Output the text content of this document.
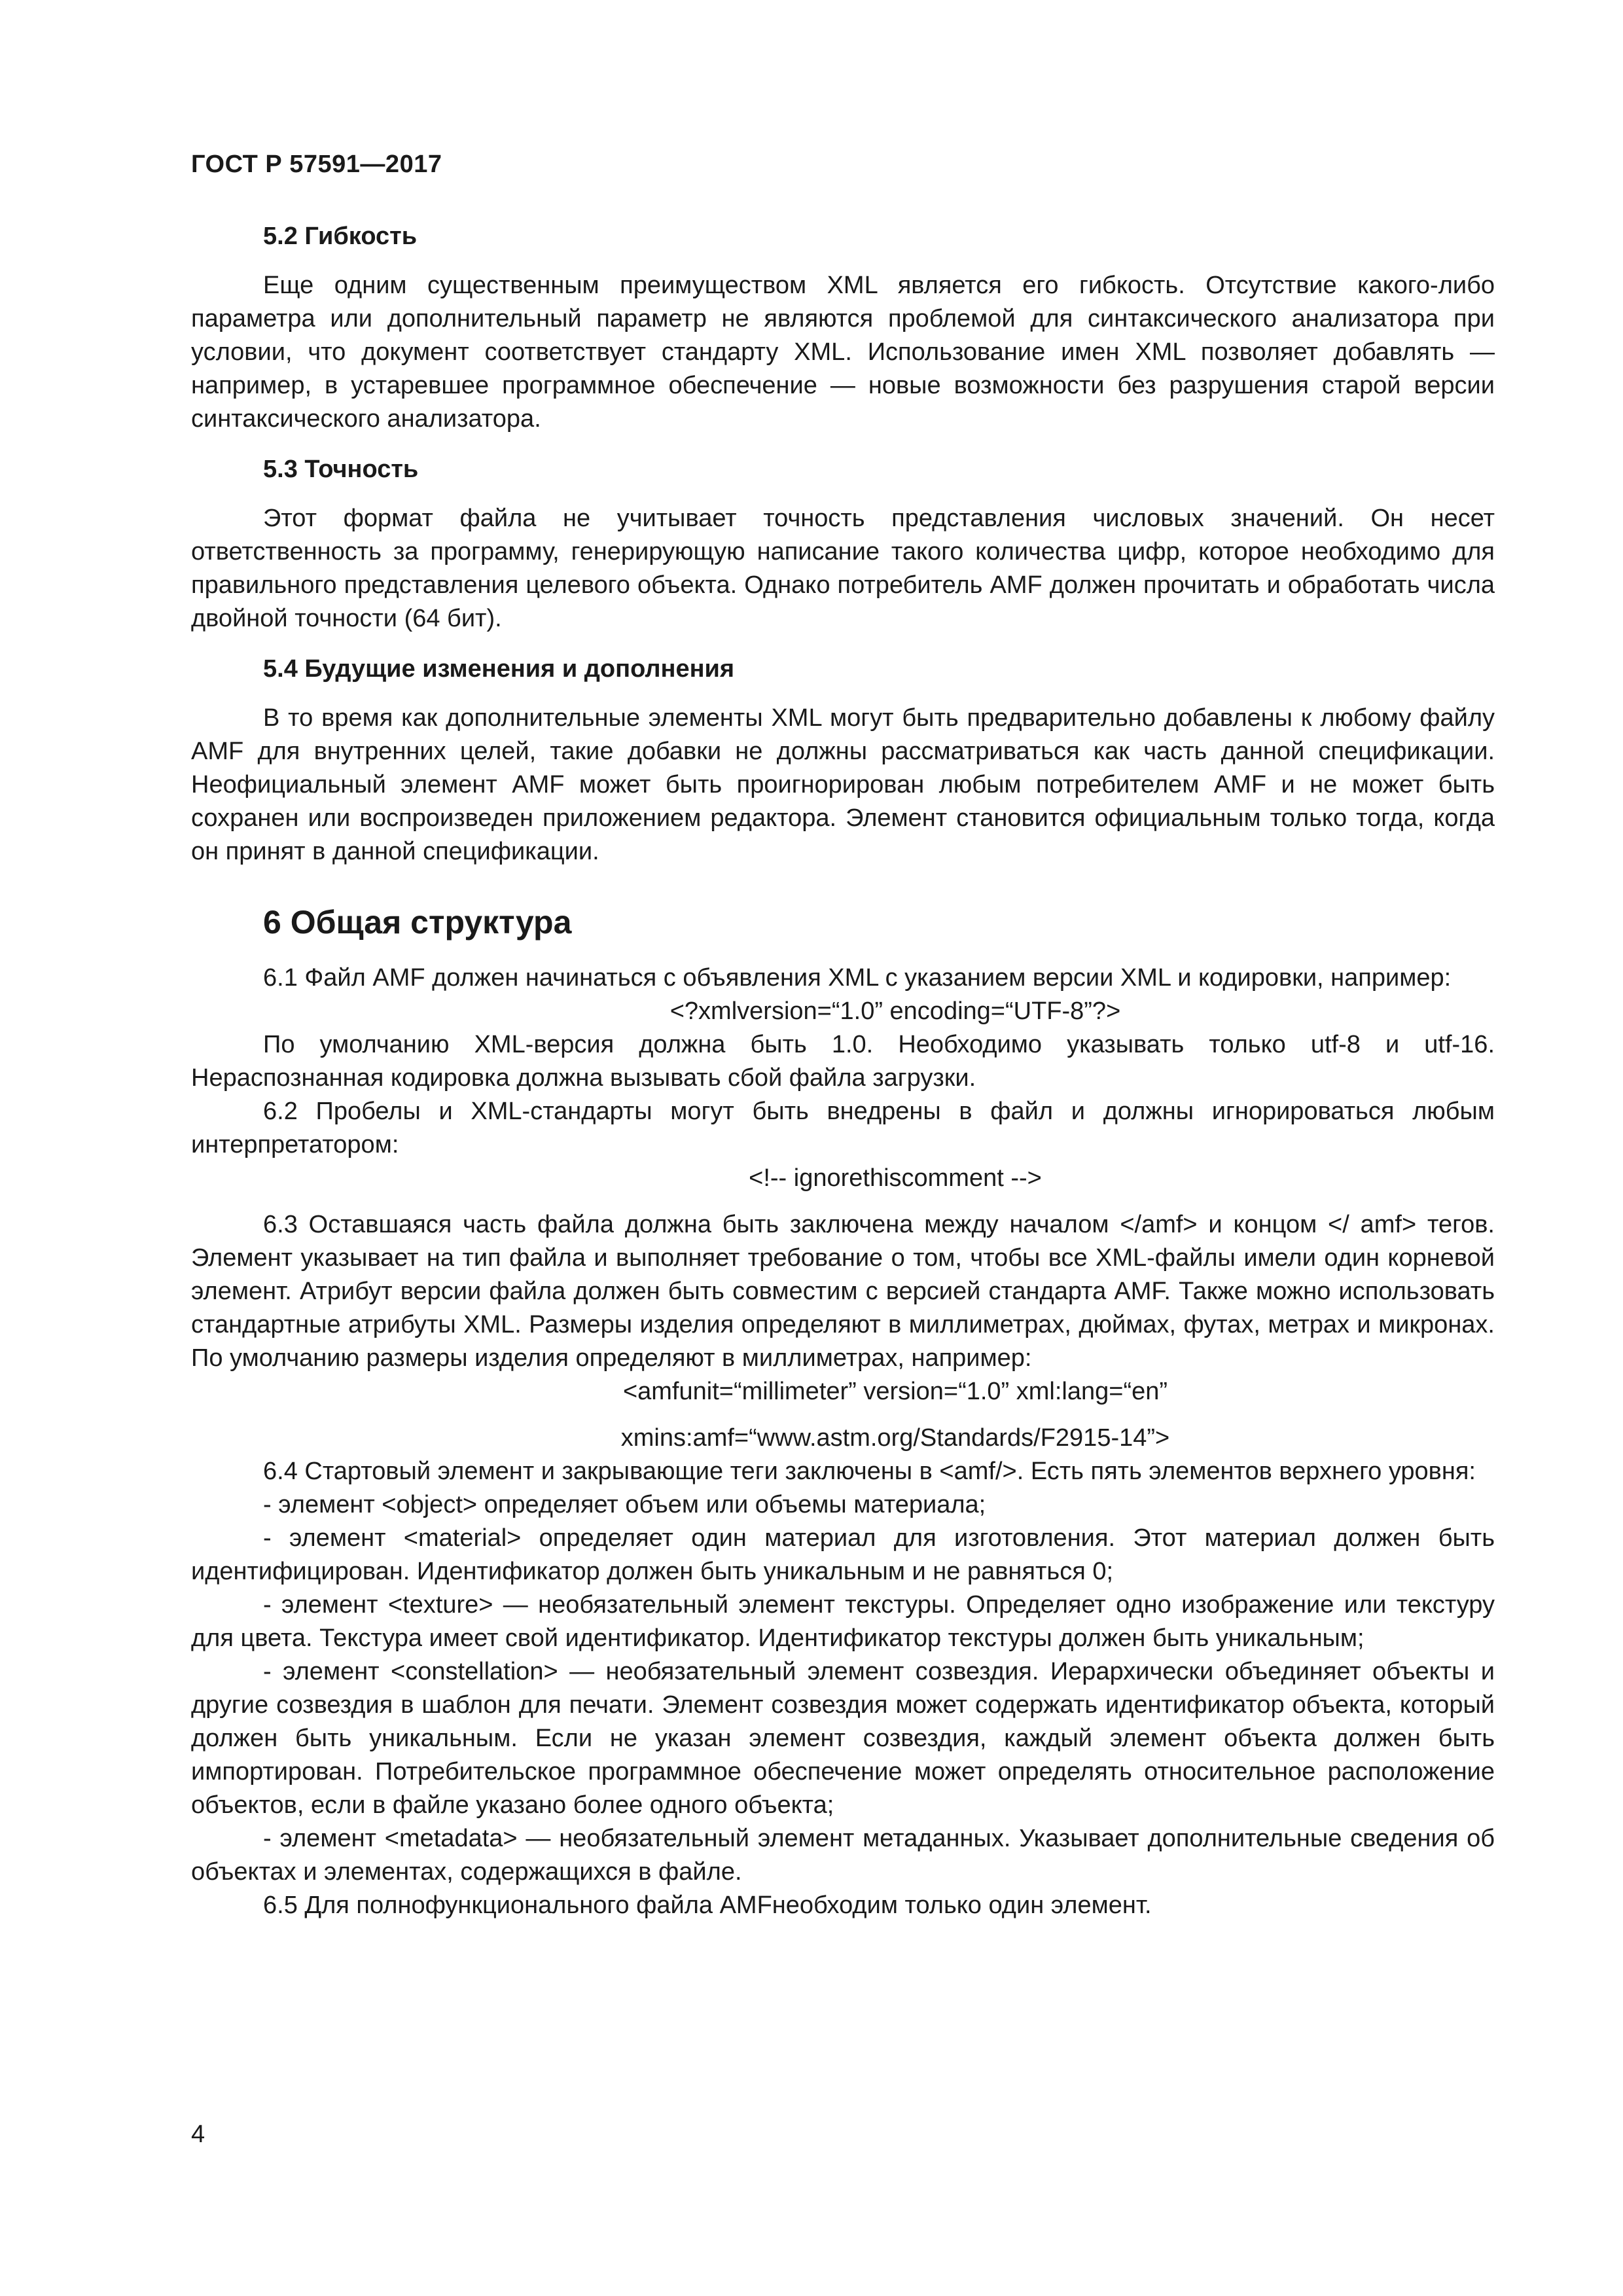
ГОСТ Р 57591—2017

5.2 Гибкость

Еще одним существенным преимуществом XML является его гибкость. Отсутствие какого-либо параметра или дополнительный параметр не являются проблемой для синтаксического анализатора при условии, что документ соответствует стандарту XML. Использование имен XML позволяет добавлять — например, в устаревшее программное обеспечение — новые возможности без разрушения старой версии синтаксического анализатора.

5.3 Точность

Этот формат файла не учитывает точность представления числовых значений. Он несет ответственность за программу, генерирующую написание такого количества цифр, которое необходимо для правильного представления целевого объекта. Однако потребитель AMF должен прочитать и обработать числа двойной точности (64 бит).

5.4 Будущие изменения и дополнения

В то время как дополнительные элементы XML могут быть предварительно добавлены к любому файлу AMF для внутренних целей, такие добавки не должны рассматриваться как часть данной спецификации. Неофициальный элемент AMF может быть проигнорирован любым потребителем AMF и не может быть сохранен или воспроизведен приложением редактора. Элемент становится официальным только тогда, когда он принят в данной спецификации.

6 Общая структура

6.1 Файл AMF должен начинаться с объявления XML с указанием версии XML и кодировки, например:

<?xmlversion=“1.0” encoding=“UTF-8”?>

По умолчанию XML-версия должна быть 1.0. Необходимо указывать только utf-8 и utf-16. Нераспознанная кодировка должна вызывать сбой файла загрузки.

6.2 Пробелы и XML-стандарты могут быть внедрены в файл и должны игнорироваться любым интерпретатором:

<!-- ignorethiscomment -->

6.3 Оставшаяся часть файла должна быть заключена между началом </amf> и концом </ amf> тегов. Элемент указывает на тип файла и выполняет требование о том, чтобы все XML-файлы имели один корневой элемент. Атрибут версии файла должен быть совместим с версией стандарта AMF. Также можно использовать стандартные атрибуты XML. Размеры изделия определяют в миллиметрах, дюймах, футах, метрах и микронах. По умолчанию размеры изделия определяют в миллиметрах, например:

<amfunit=“millimeter” version=“1.0” xml:lang=“en”

xmins:amf=“www.astm.org/Standards/F2915-14”>

6.4 Стартовый элемент и закрывающие теги заключены в <amf/>. Есть пять элементов верхнего уровня:

- элемент <object> определяет объем или объемы материала;

- элемент <material> определяет один материал для изготовления. Этот материал должен быть идентифицирован. Идентификатор должен быть уникальным и не равняться 0;

- элемент <texture> — необязательный элемент текстуры. Определяет одно изображение или текстуру для цвета. Текстура имеет свой идентификатор. Идентификатор текстуры должен быть уникальным;

- элемент <constellation> — необязательный элемент созвездия. Иерархически объединяет объекты и другие созвездия в шаблон для печати. Элемент созвездия может содержать идентификатор объекта, который должен быть уникальным. Если не указан элемент созвездия, каждый элемент объекта должен быть импортирован. Потребительское программное обеспечение может определять относительное расположение объектов, если в файле указано более одного объекта;

- элемент <metadata> — необязательный элемент метаданных. Указывает дополнительные сведения об объектах и элементах, содержащихся в файле.

6.5 Для полнофункционального файла AMFнеобходим только один элемент.

4
